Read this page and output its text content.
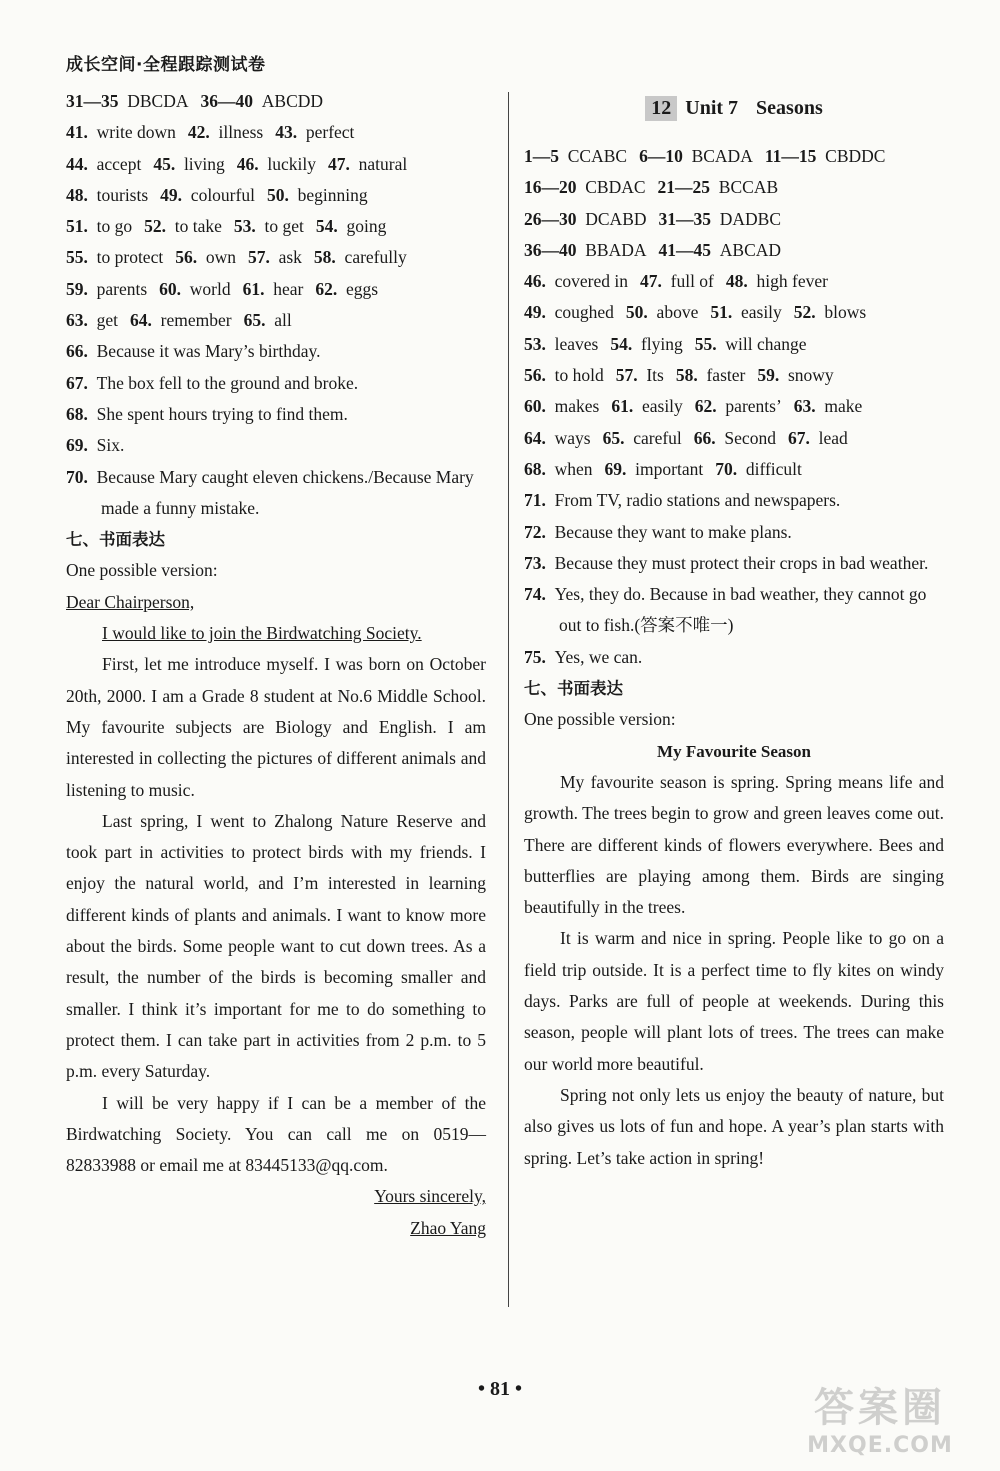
成长空间·全程跟踪测试卷
31—35 DBCDA 36—40 ABCDD
41. write down 42. illness 43. perfect
44. accept 45. living 46. luckily 47. natural
48. tourists 49. colourful 50. beginning
51. to go 52. to take 53. to get 54. going
55. to protect 56. own 57. ask 58. carefully
59. parents 60. world 61. hear 62. eggs
63. get 64. remember 65. all
66. Because it was Mary’s birthday.
67. The box fell to the ground and broke.
68. She spent hours trying to find them.
69. Six.
70. Because Mary caught eleven chickens./Because Mary made a funny mistake.
七、书面表达
One possible version:

Dear Chairperson,

I would like to join the Birdwatching Society.

First, let me introduce myself. I was born on October 20th, 2000. I am a Grade 8 student at No.6 Middle School. My favourite subjects are Biology and English. I am interested in collecting the pictures of different animals and listening to music.

Last spring, I went to Zhalong Nature Reserve and took part in activities to protect birds with my friends. I enjoy the natural world, and I’m interested in learning different kinds of plants and animals. I want to know more about the birds. Some people want to cut down trees. As a result, the number of the birds is becoming smaller and smaller. I think it’s important for me to do something to protect them. I can take part in activities from 2 p.m. to 5 p.m. every Saturday.

I will be very happy if I can be a member of the Birdwatching Society. You can call me on 0519—82833988 or email me at 83445133@qq.com.

Yours sincerely,

Zhao Yang

12 Unit 7 Seasons
1—5 CCABC 6—10 BCADA 11—15 CBDDC
16—20 CBDAC 21—25 BCCAB
26—30 DCABD 31—35 DADBC
36—40 BBADA 41—45 ABCAD
46. covered in 47. full of 48. high fever
49. coughed 50. above 51. easily 52. blows
53. leaves 54. flying 55. will change
56. to hold 57. Its 58. faster 59. snowy
60. makes 61. easily 62. parents’ 63. make
64. ways 65. careful 66. Second 67. lead
68. when 69. important 70. difficult
71. From TV, radio stations and newspapers.
72. Because they want to make plans.
73. Because they must protect their crops in bad weather.
74. Yes, they do. Because in bad weather, they cannot go out to fish.(答案不唯一)
75. Yes, we can.
七、书面表达
One possible version:
My Favourite Season

My favourite season is spring. Spring means life and growth. The trees begin to grow and green leaves come out. There are different kinds of flowers everywhere. Bees and butterflies are playing among them. Birds are singing beautifully in the trees.

It is warm and nice in spring. People like to go on a field trip outside. It is a perfect time to fly kites on windy days. Parks are full of people at weekends. During this season, people will plant lots of trees. The trees can make our world more beautiful.

Spring not only lets us enjoy the beauty of nature, but also gives us lots of fun and hope. A year’s plan starts with spring. Let’s take action in spring!

• 81 •	答案圈
MXQE.COM
